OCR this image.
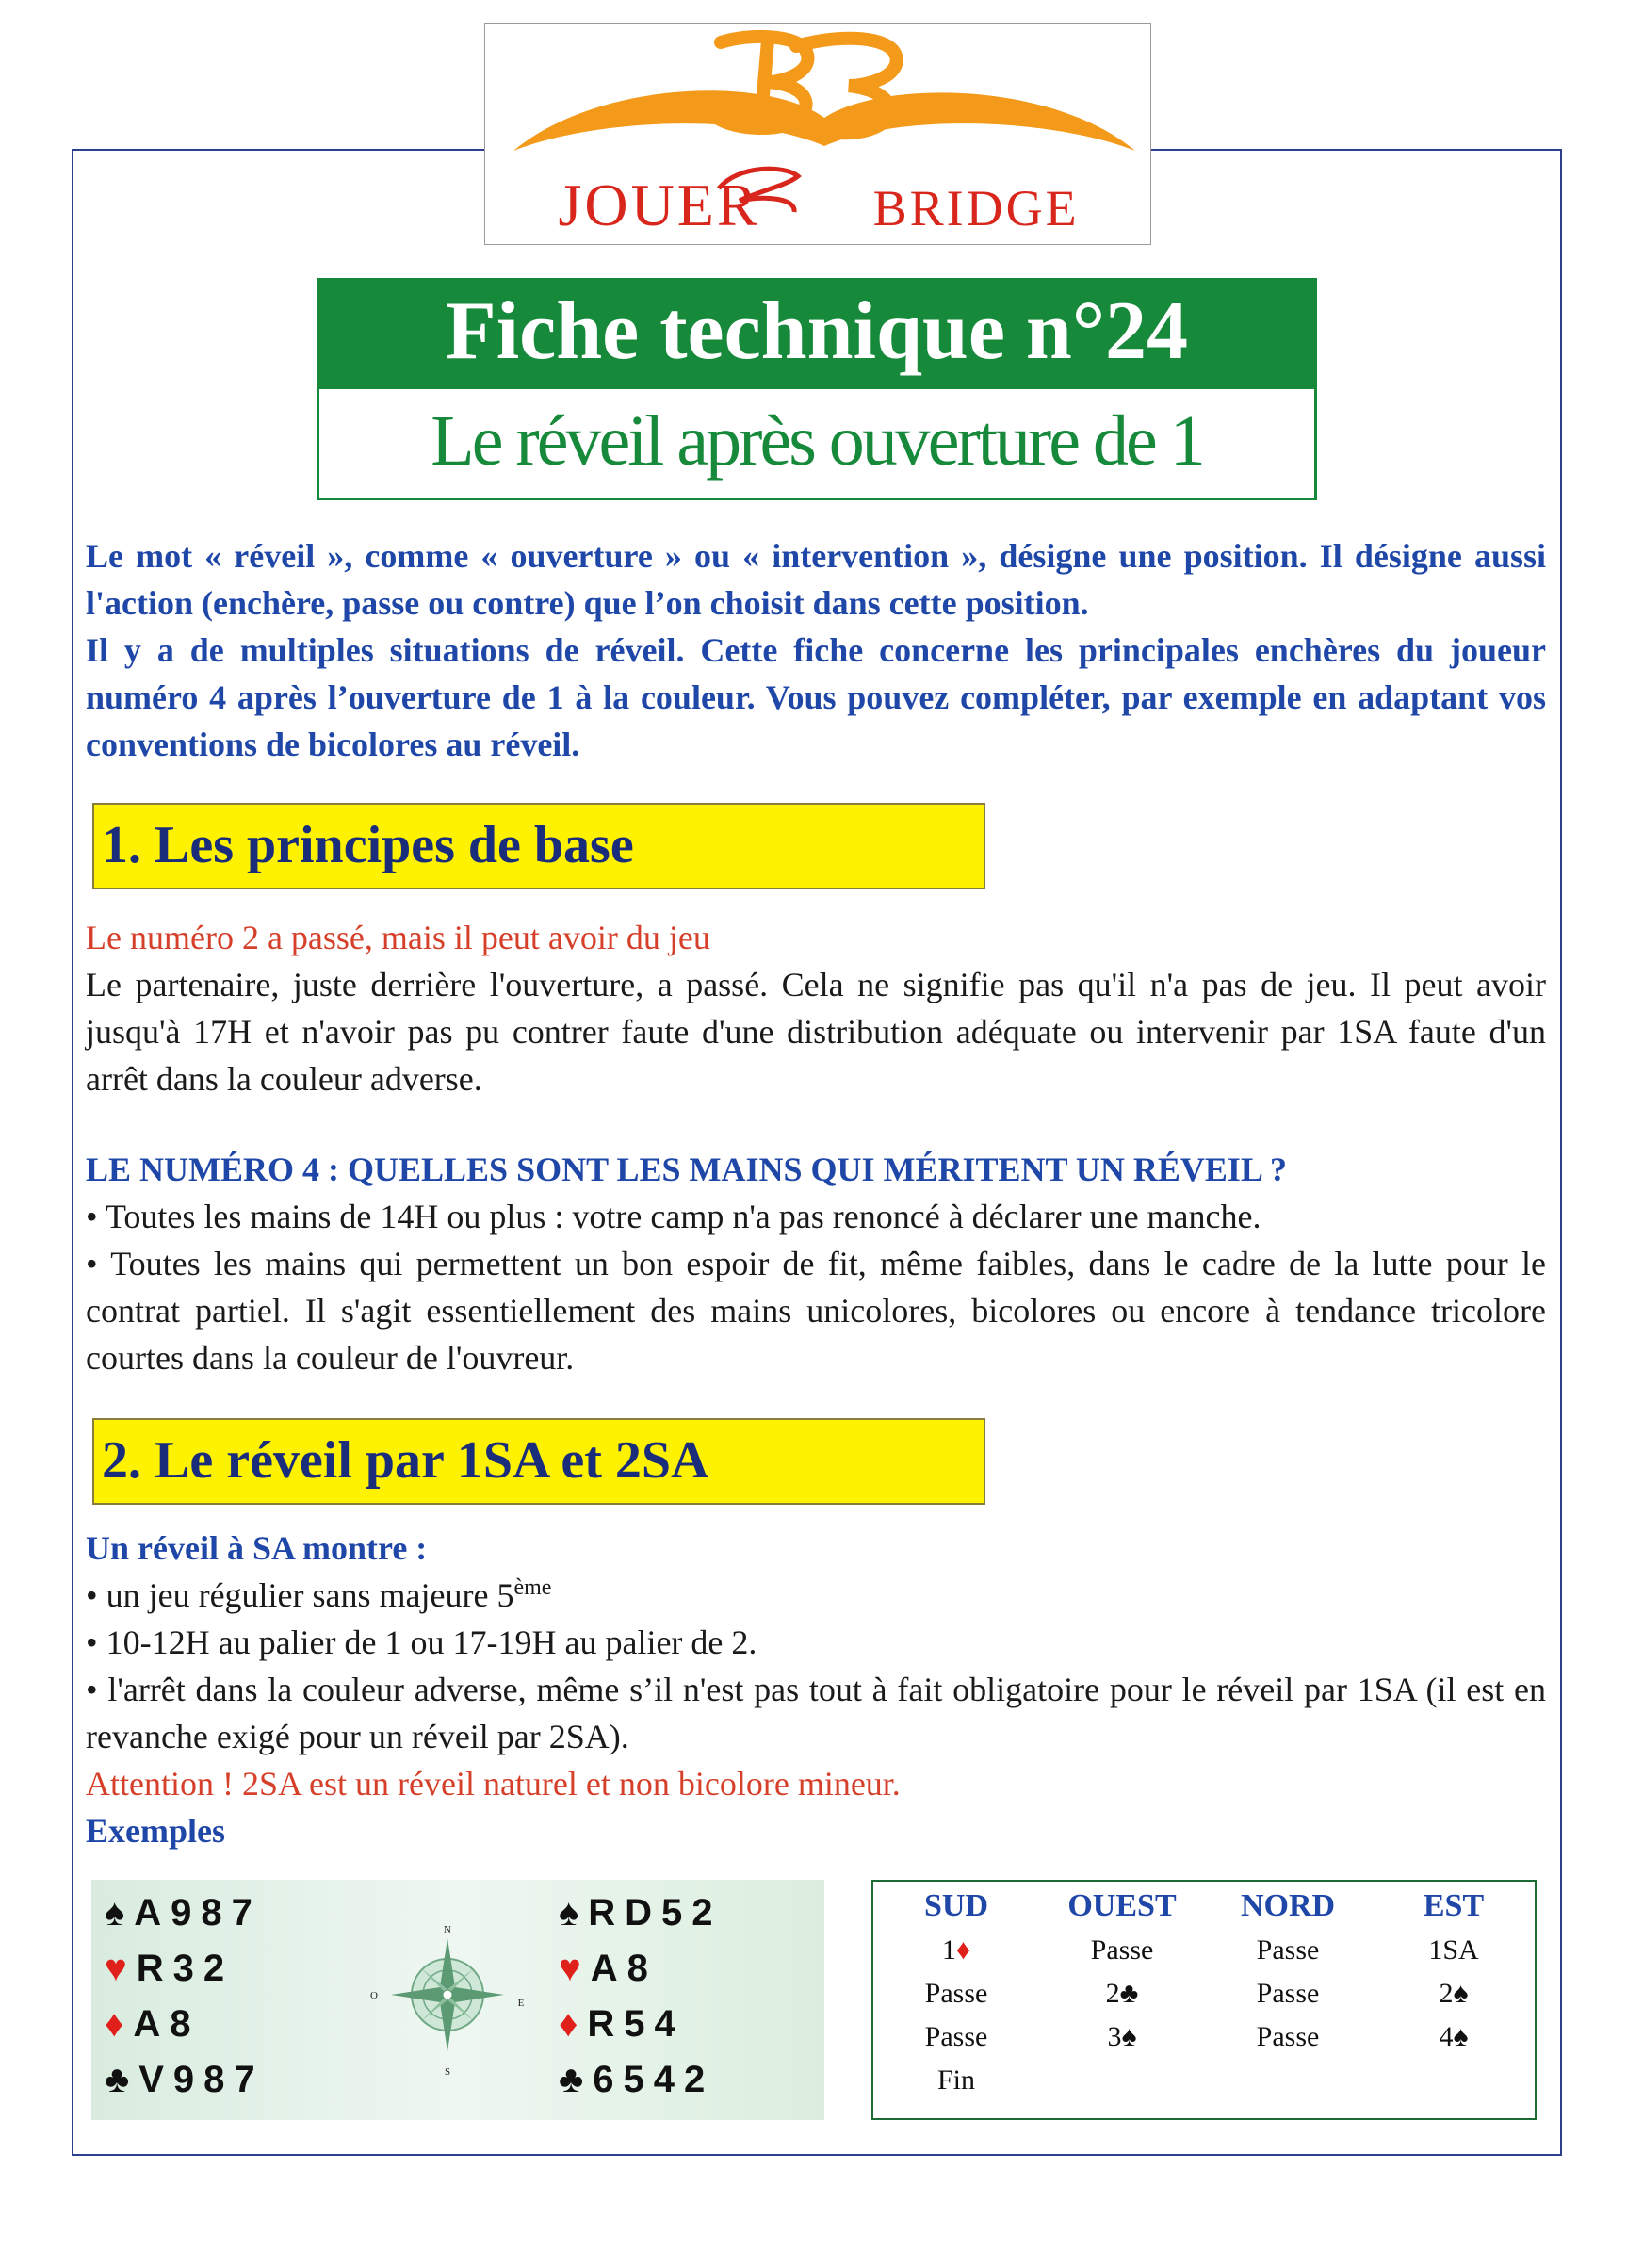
JOUER BRIDGE
Fiche technique n°24
Le réveil après ouverture de 1

Le mot « réveil », comme « ouverture » ou « intervention », désigne une position. Il désigne aussi l'action (enchère, passe ou contre) que l’on choisit dans cette position.

Il y a de multiples situations de réveil. Cette fiche concerne les principales enchères du joueur numéro 4 après l’ouverture de 1 à la couleur. Vous pouvez compléter, par exemple en adaptant vos conventions de bicolores au réveil.

1. Les principes de base

Le numéro 2 a passé, mais il peut avoir du jeu

Le partenaire, juste derrière l'ouverture, a passé. Cela ne signifie pas qu'il n'a pas de jeu. Il peut avoir jusqu'à 17H et n'avoir pas pu contrer faute d'une distribution adéquate ou intervenir par 1SA faute d'un arrêt dans la couleur adverse.

LE NUMÉRO 4 : QUELLES SONT LES MAINS QUI MÉRITENT UN RÉVEIL ?

• Toutes les mains de 14H ou plus : votre camp n'a pas renoncé à déclarer une manche.

• Toutes les mains qui permettent un bon espoir de fit, même faibles, dans le cadre de la lutte pour le contrat partiel. Il s'agit essentiellement des mains unicolores, bicolores ou encore à tendance tricolore courtes dans la couleur de l'ouvreur.

2. Le réveil par 1SA et 2SA

Un réveil à SA montre :

• un jeu régulier sans majeure 5ème

• 10-12H au palier de 1 ou 17-19H au palier de 2.

• l'arrêt dans la couleur adverse, même s’il n'est pas tout à fait obligatoire pour le réveil par 1SA (il est en revanche exigé pour un réveil par 2SA).

Attention ! 2SA est un réveil naturel et non bicolore mineur.

Exemples

♠A987
♥R32
♦A8
♣V987
N
S
E
O
♠RD52
♥A8
♦R54
♣6542
SUD
1♦
Passe
Passe
Fin
OUEST
Passe
2♣
3♠
NORD
Passe
Passe
Passe
EST
1SA
2♠
4♠
